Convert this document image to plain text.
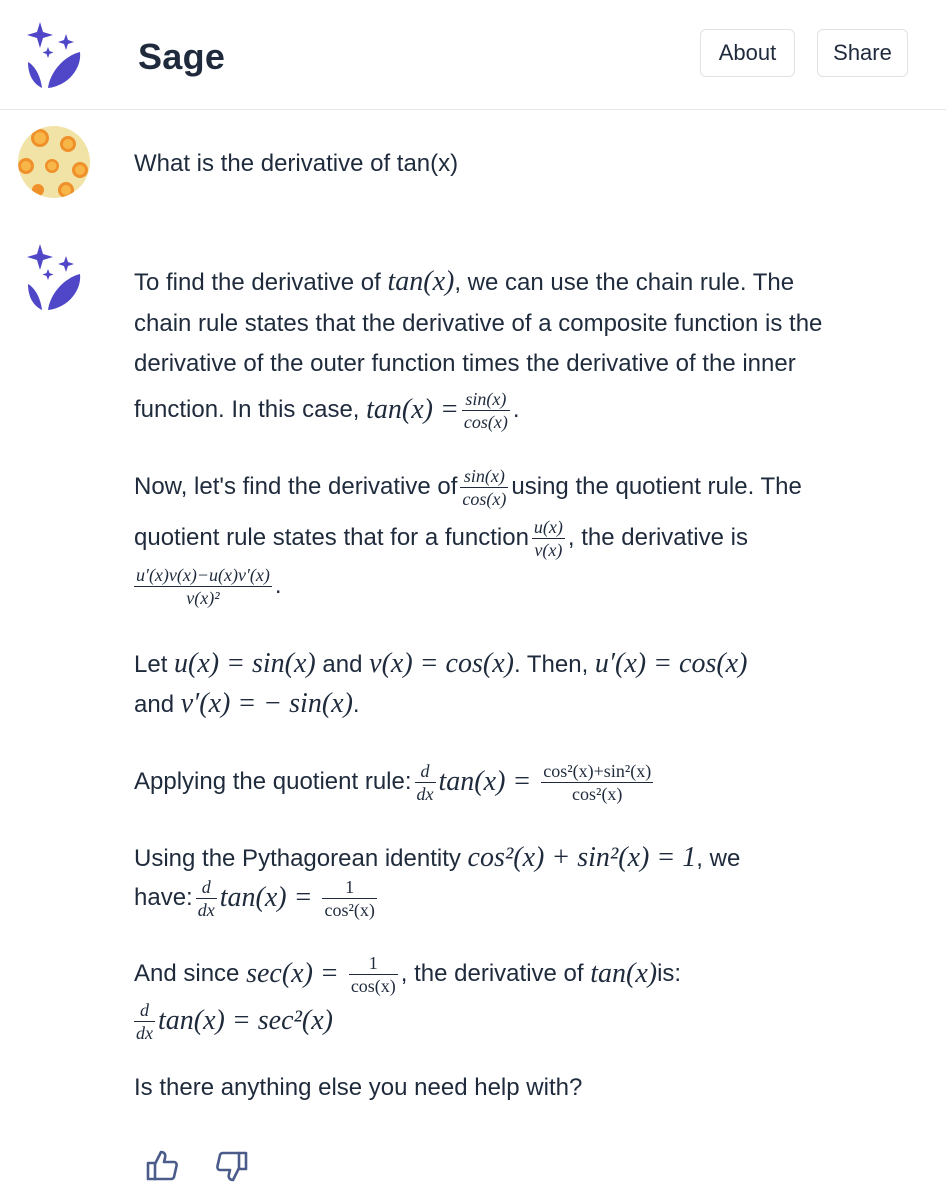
Sage	About	Share
What is the derivative of tan(x)
To find the derivative of tan(x), we can use the chain rule. The
chain rule states that the derivative of a composite function is the
derivative of the outer function times the derivative of the inner
function. In this case,
$\tan(x) = \frac{\sin(x)}{\cos(x)}$ .
Now, let's find the derivative of $\frac{\sin(x)}{\cos(x)}$ using the quotient rule. The
quotient rule states that for a function $\frac{u(x)}{v(x)}$ , the derivative is
$\frac{u'(x)v(x)-u(x)v'(x)}{\text{v(x)²}}$ .
Let u(x) = sin(x) and v(x) = cos(x). Then, u′(x) = cos(x)
and v′(x) = − sin(x).
Applying the quotient rule: $\frac{d}{dx} \tan(x) = \frac{\text{cos²(x)+sin²(x)}}{\text{cos²(x)}}$
Using the Pythagorean identity cos²(x) + sin²(x) = 1, we
have: $\frac{d}{dx} \tan(x) = \frac{1}{\text{cos²(x)}}$
And since
$\sec(x) = \frac{1}{\cos(x)}$ , the derivative of
tan(x) is:
$\frac{d}{dx} \tan(x) = \sec^2(x)$
Is there anything else you need help with?
